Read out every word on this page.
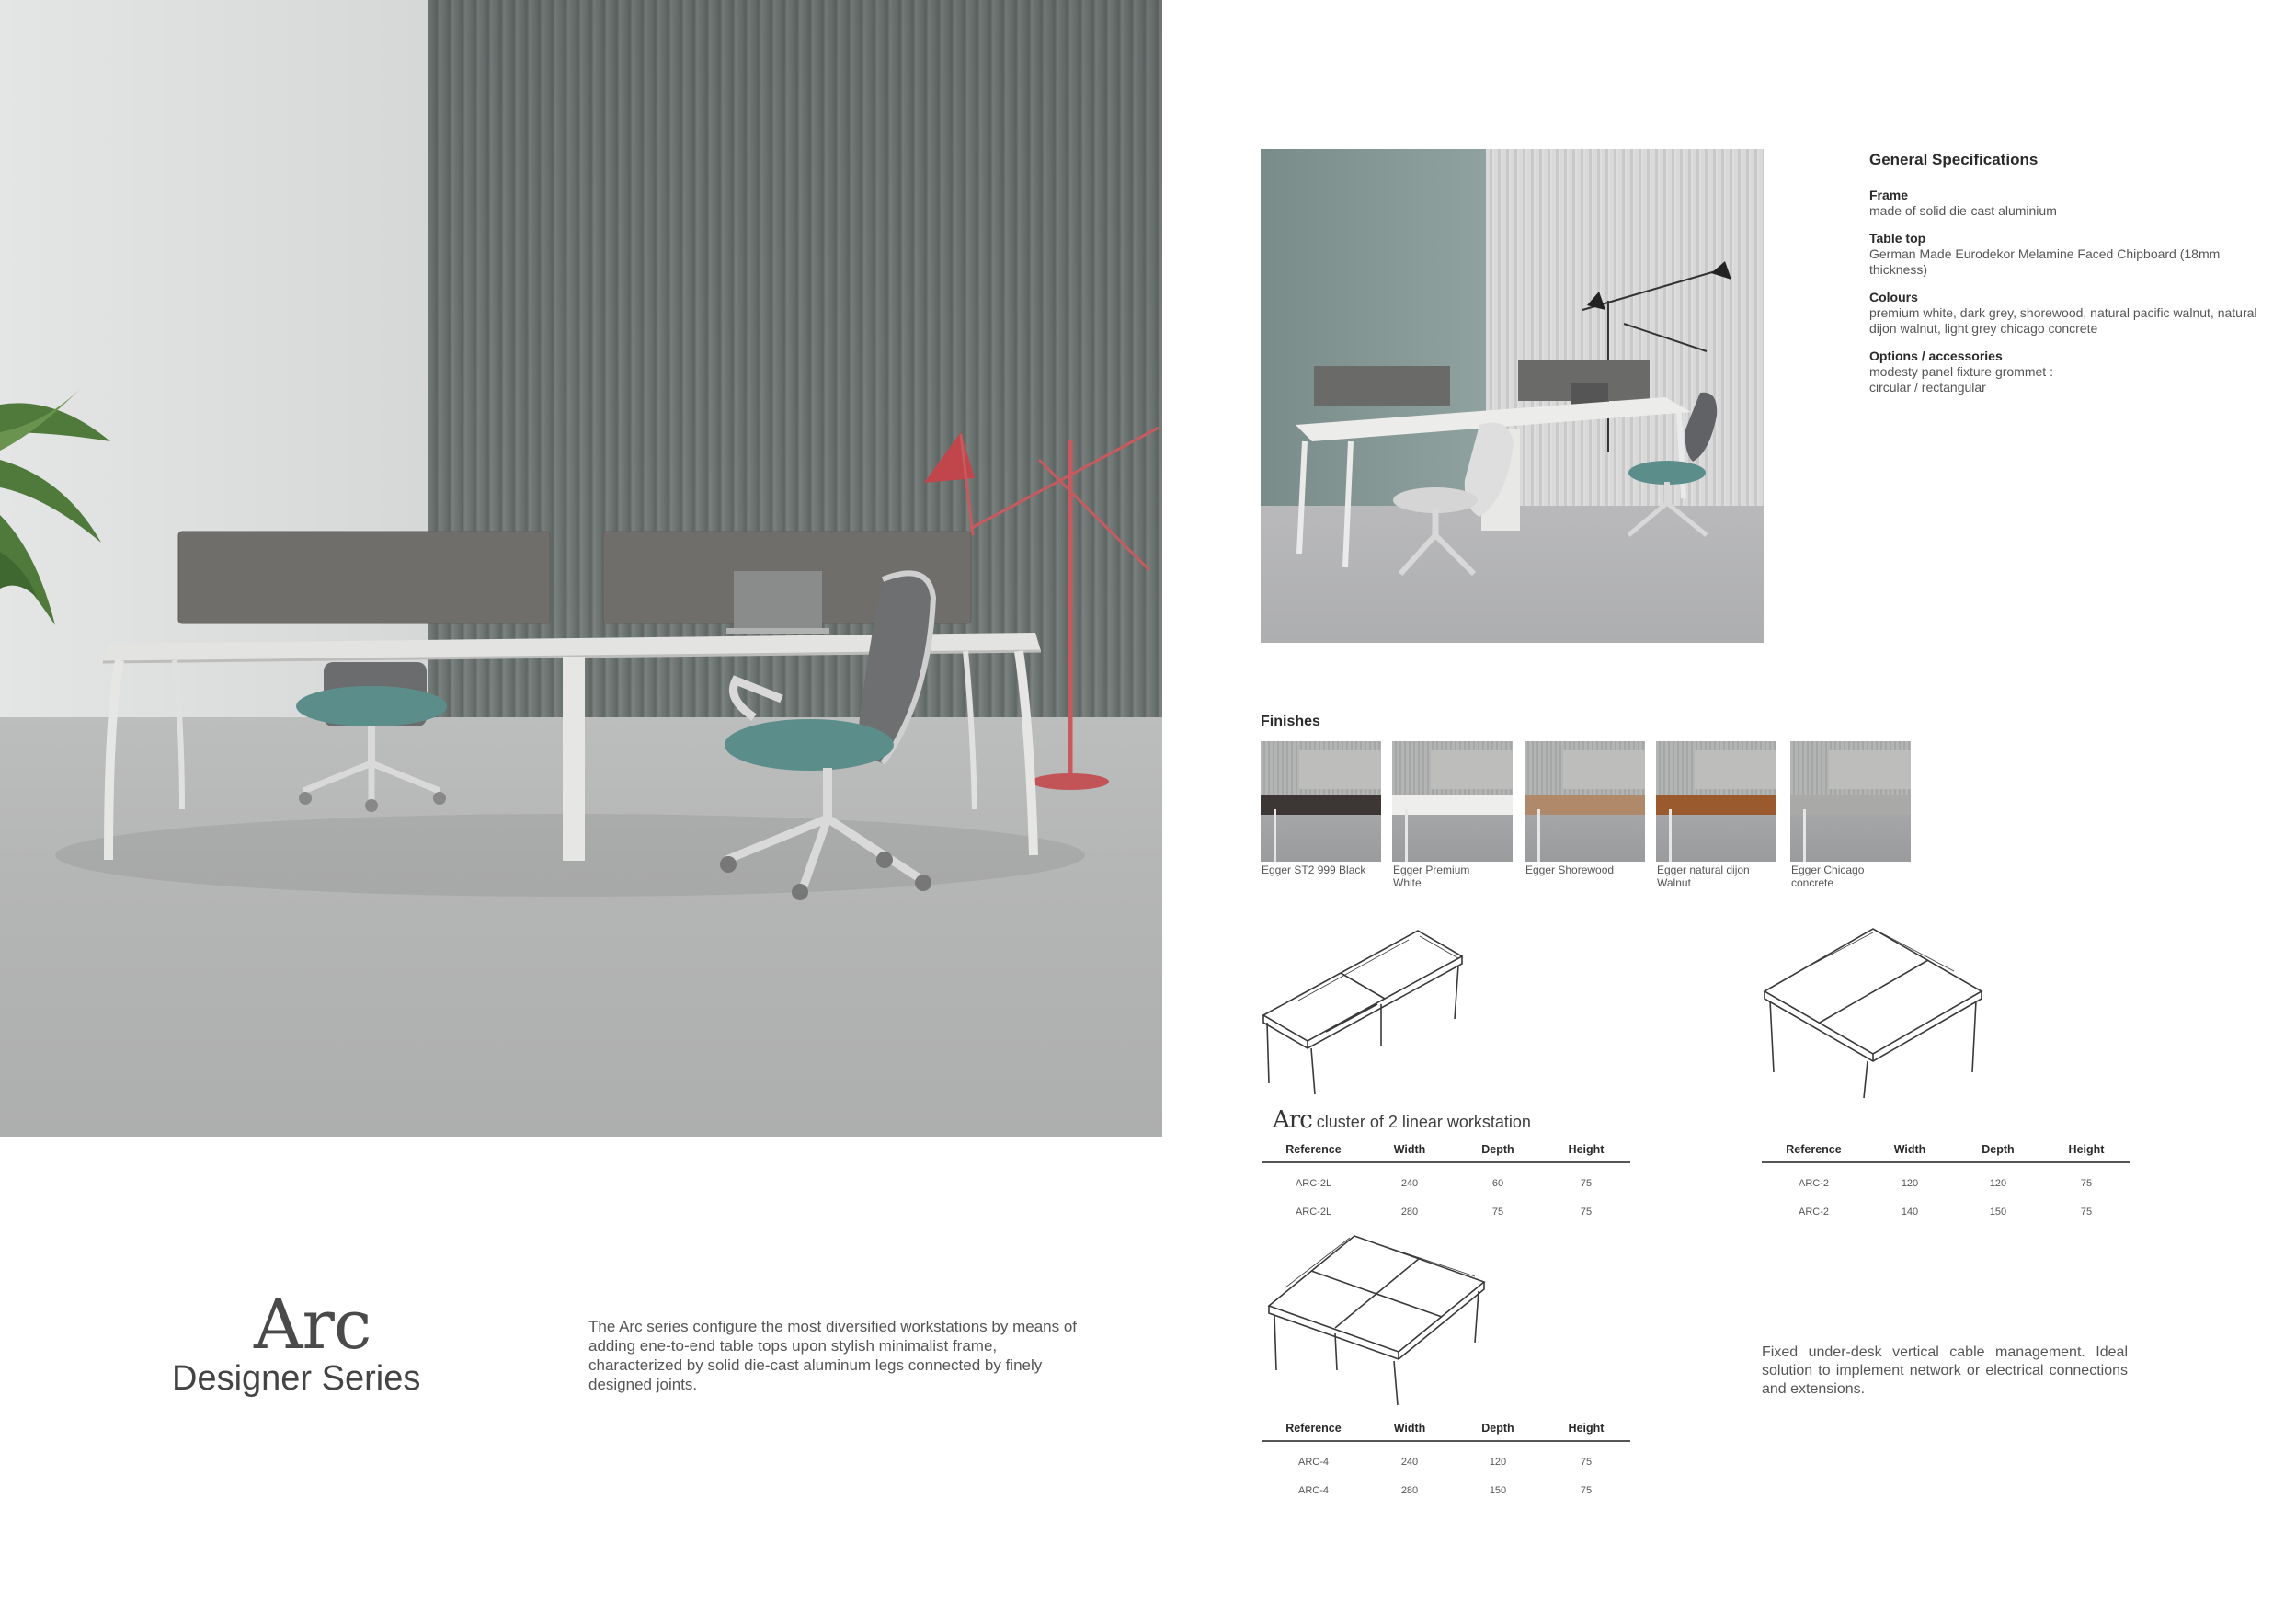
Arc
Designer Series
The Arc series configure the most diversified workstations by means of adding ene-to-end table tops upon stylish minimalist frame, characterized by solid die-cast aluminum legs connected by finely designed joints.
General Specifications
Frame
made of solid die-cast aluminium
Table top
German Made Eurodekor Melamine Faced Chipboard (18mm thickness)
Colours
premium white, dark grey, shorewood, natural pacific walnut, natural dijon walnut, light grey chicago concrete
Options / accessories
modesty panel fixture grommet : circular / rectangular
Finishes
Egger ST2 999 Black	Egger Premium White
Egger Shorewood	Egger natural dijon Walnut
Egger Chicago concrete
Arc cluster of 2 linear workstation
Reference	Width	Depth	Height
ARC-2L	240	60	75
ARC-2L	280	75	75
Reference	Width	Depth	Height
ARC-2	120	120	75
ARC-2	140	150	75
Reference	Width	Depth	Height
ARC-4	240	120	75
ARC-4	280	150	75
Fixed under-desk vertical cable management. Ideal solution to implement network or electrical connections and extensions.
